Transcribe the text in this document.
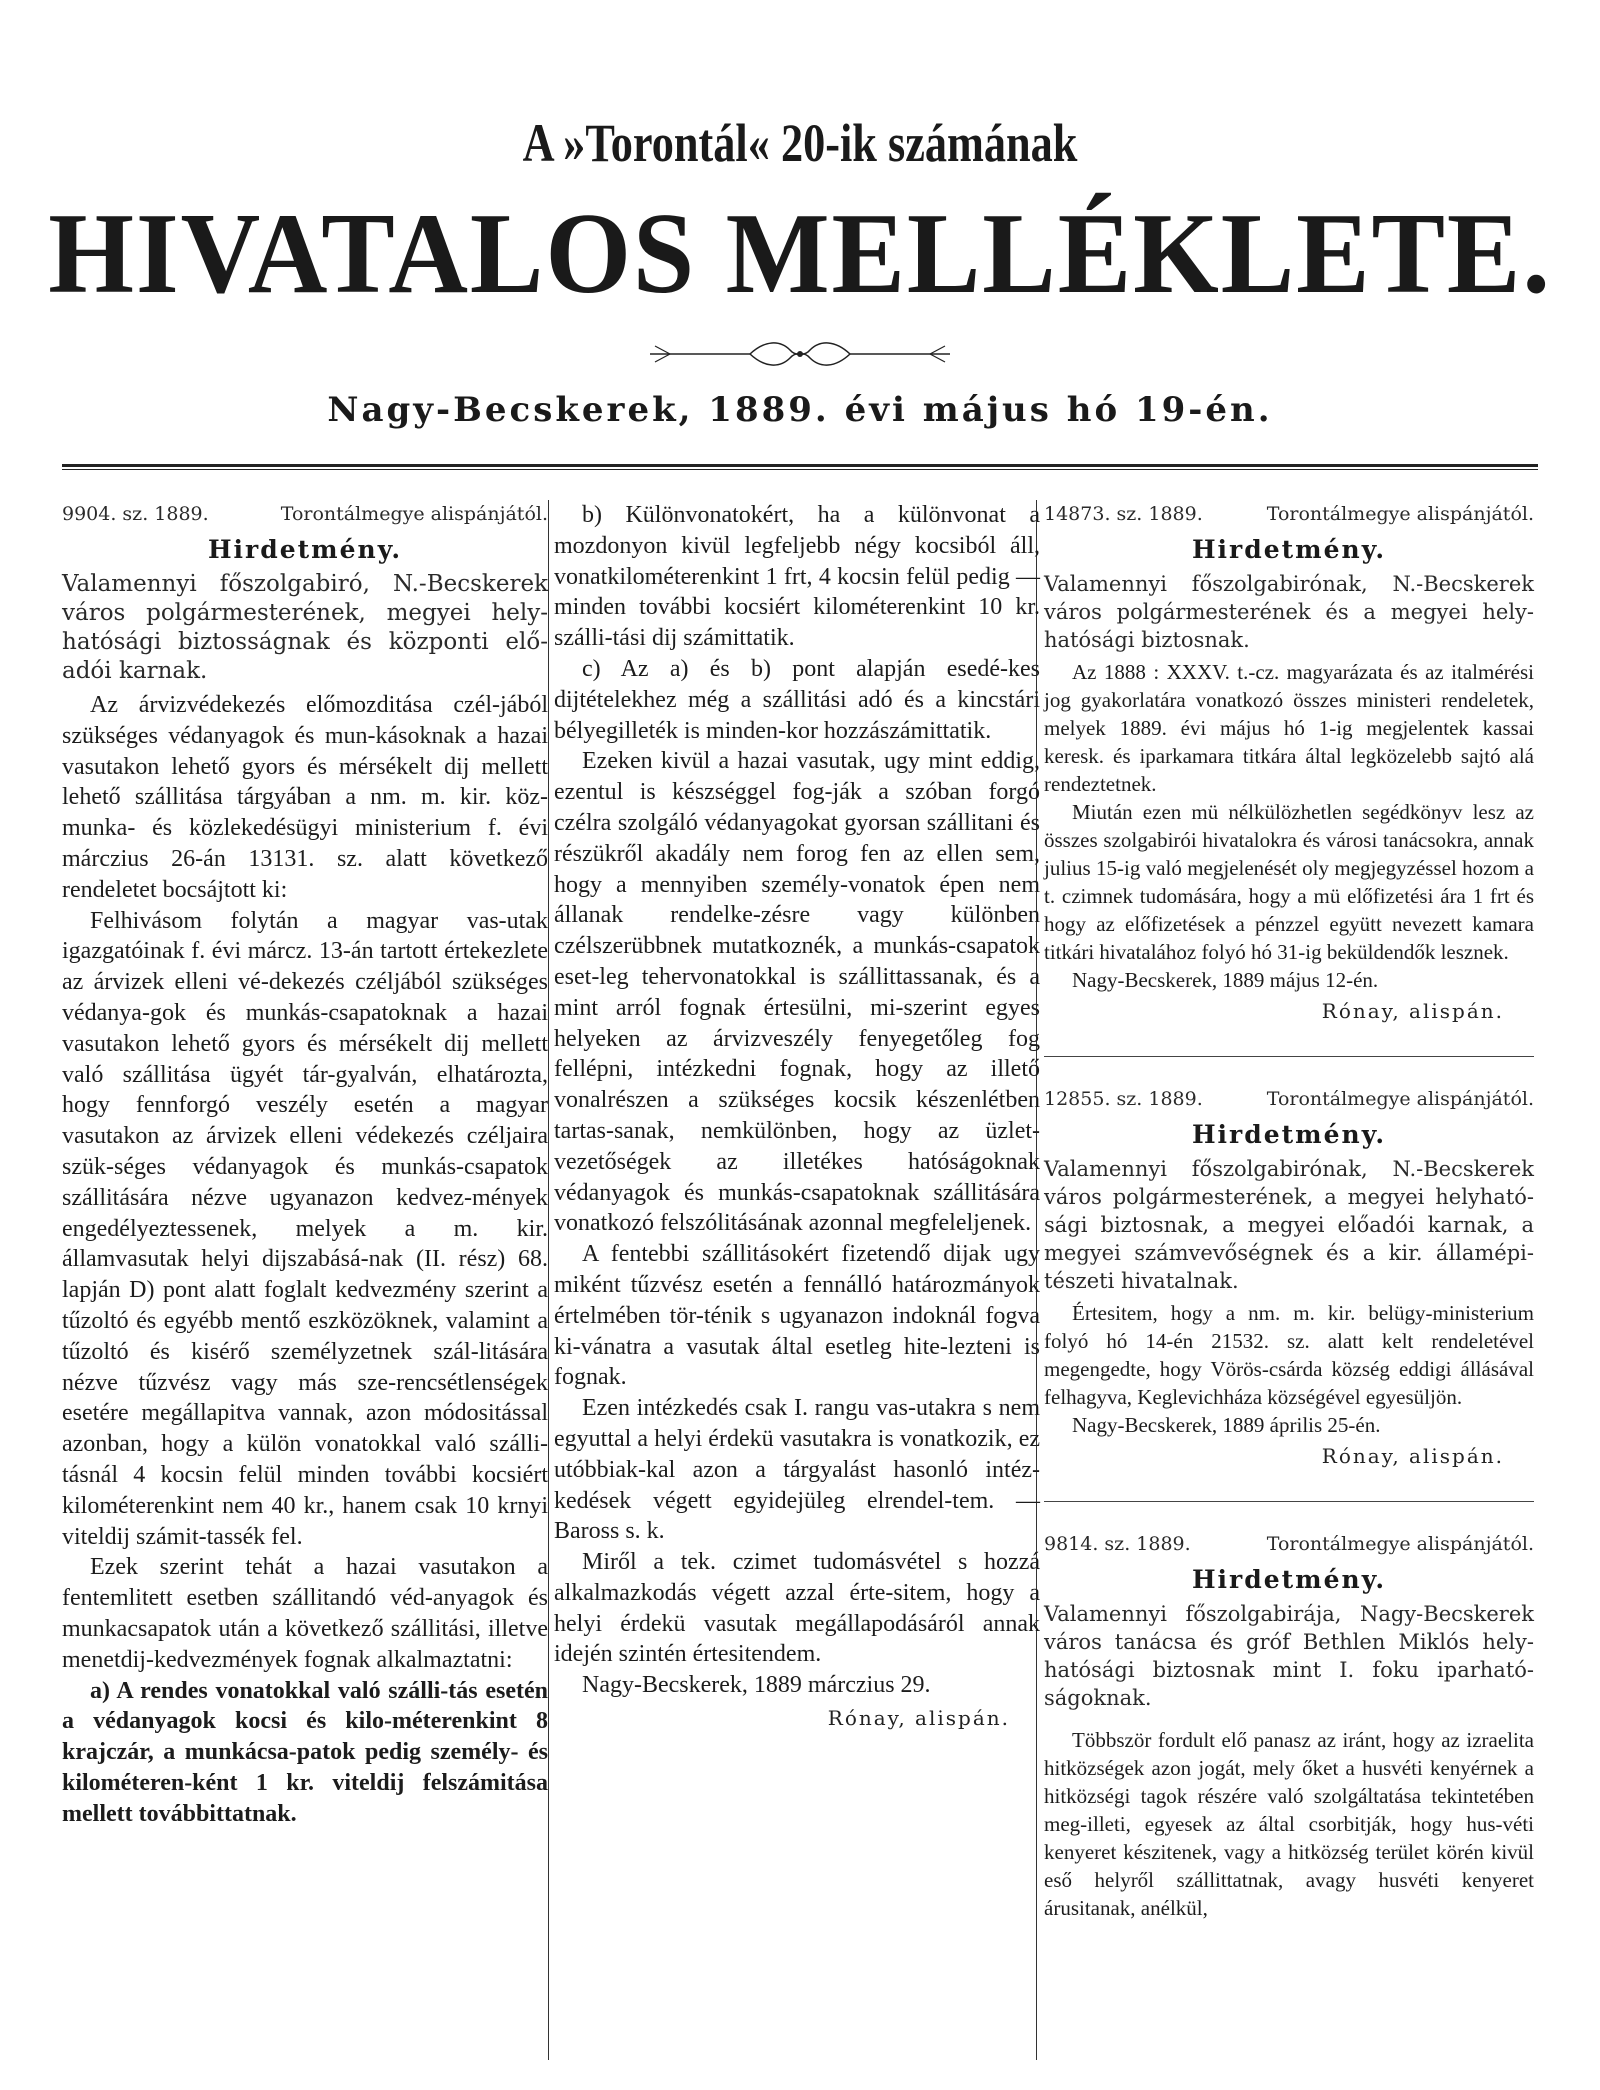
A »Torontál« 20-ik számának
HIVATALOS MELLÉKLETE.
Nagy-Becskerek, 1889. évi május hó 19-én.
9904. sz. 1889.	Torontálmegye alispánjától.
Hirdetmény.
Valamennyi főszolgabiró, N.-Becskerek város polgármesterének, megyei hely-hatósági biztosságnak és központi elő-adói karnak.

Az árvizvédekezés előmozditása czél-jából szükséges védanyagok és mun-kásoknak a hazai vasutakon lehető gyors és mérsékelt dij mellett lehető szállitása tárgyában a nm. m. kir. köz-munka- és közlekedésügyi ministerium f. évi márczius 26-án 13131. sz. alatt következő rendeletet bocsájtott ki:

Felhivásom folytán a magyar vas-utak igazgatóinak f. évi márcz. 13-án tartott értekezlete az árvizek elleni vé-dekezés czéljából szükséges védanya-gok és munkás-csapatoknak a hazai vasutakon lehető gyors és mérsékelt dij mellett való szállitása ügyét tár-gyalván, elhatározta, hogy fennforgó veszély esetén a magyar vasutakon az árvizek elleni védekezés czéljaira szük-séges védanyagok és munkás-csapatok szállitására nézve ugyanazon kedvez-mények engedélyeztessenek, melyek a m. kir. államvasutak helyi dijszabásá-nak (II. rész) 68. lapján D) pont alatt foglalt kedvezmény szerint a tűzoltó és egyébb mentő eszközöknek, valamint a tűzoltó és kisérő személyzetnek szál-litására nézve tűzvész vagy más sze-rencsétlenségek esetére megállapitva vannak, azon módositással azonban, hogy a külön vonatokkal való szálli-tásnál 4 kocsin felül minden további kocsiért kilométerenkint nem 40 kr., hanem csak 10 krnyi viteldij számit-tassék fel.

Ezek szerint tehát a hazai vasutakon a fentemlitett esetben szállitandó véd-anyagok és munkacsapatok után a következő szállitási, illetve menetdij-kedvezmények fognak alkalmaztatni:

a) A rendes vonatokkal való szálli-tás esetén a védanyagok kocsi és kilo-méterenkint 8 krajczár, a munkácsa-patok pedig személy- és kilométeren-ként 1 kr. viteldij felszámitása mellett továbbittatnak.

b) Különvonatokért, ha a különvonat a mozdonyon kivül legfeljebb négy kocsiból áll, vonatkilométerenkint 1 frt, 4 kocsin felül pedig — minden további kocsiért kilométerenkint 10 kr. szálli-tási dij számittatik.

c) Az a) és b) pont alapján esedé-kes dijtételekhez még a szállitási adó és a kincstári bélyegilleték is minden-kor hozzászámittatik.

Ezeken kivül a hazai vasutak, ugy mint eddig, ezentul is készséggel fog-ják a szóban forgó czélra szolgáló védanyagokat gyorsan szállitani és részükről akadály nem forog fen az ellen sem, hogy a mennyiben személy-vonatok épen nem állanak rendelke-zésre vagy különben czélszerübbnek mutatkoznék, a munkás-csapatok eset-leg tehervonatokkal is szállittassanak, és a mint arról fognak értesülni, mi-szerint egyes helyeken az árvizveszély fenyegetőleg fog fellépni, intézkedni fognak, hogy az illető vonalrészen a szükséges kocsik készenlétben tartas-sanak, nemkülönben, hogy az üzlet-vezetőségek az illetékes hatóságoknak védanyagok és munkás-csapatoknak szállitására vonatkozó felszólitásának azonnal megfeleljenek.

A fentebbi szállitásokért fizetendő dijak ugy miként tűzvész esetén a fennálló határozmányok értelmében tör-ténik s ugyanazon indoknál fogva ki-vánatra a vasutak által esetleg hite-lezteni is fognak.

Ezen intézkedés csak I. rangu vas-utakra s nem egyuttal a helyi érdekü vasutakra is vonatkozik, ez utóbbiak-kal azon a tárgyalást hasonló intéz-kedések végett egyidejüleg elrendel-tem. — Baross s. k.

Miről a tek. czimet tudomásvétel s hozzá alkalmazkodás végett azzal érte-sitem, hogy a helyi érdekü vasutak megállapodásáról annak idején szintén értesitendem.

Nagy-Becskerek, 1889 márczius 29.

Rónay, alispán.
14873. sz. 1889.	Torontálmegye alispánjától.
Hirdetmény.
Valamennyi főszolgabirónak, N.-Becskerek város polgármesterének és a megyei hely-hatósági biztosnak.

Az 1888 : XXXV. t.-cz. magyarázata és az italmérési jog gyakorlatára vonatkozó összes ministeri rendeletek, melyek 1889. évi május hó 1-ig megjelentek kassai keresk. és iparkamara titkára által legközelebb sajtó alá rendeztetnek.

Miután ezen mü nélkülözhetlen segédkönyv lesz az összes szolgabirói hivatalokra és városi tanácsokra, annak julius 15-ig való megjelenését oly megjegyzéssel hozom a t. czimnek tudomására, hogy a mü előfizetési ára 1 frt és hogy az előfizetések a pénzzel együtt nevezett kamara titkári hivatalához folyó hó 31-ig beküldendők lesznek.

Nagy-Becskerek, 1889 május 12-én.

Rónay, alispán.
12855. sz. 1889.	Torontálmegye alispánjától.
Hirdetmény.
Valamennyi főszolgabirónak, N.-Becskerek város polgármesterének, a megyei helyható-sági biztosnak, a megyei előadói karnak, a megyei számvevőségnek és a kir. államépi-tészeti hivatalnak.

Értesitem, hogy a nm. m. kir. belügy-ministerium folyó hó 14-én 21532. sz. alatt kelt rendeletével megengedte, hogy Vörös-csárda község eddigi állásával felhagyva, Keglevichháza községével egyesüljön.

Nagy-Becskerek, 1889 április 25-én.

Rónay, alispán.
9814. sz. 1889.	Torontálmegye alispánjától.
Hirdetmény.
Valamennyi főszolgabirája, Nagy-Becskerek város tanácsa és gróf Bethlen Miklós hely-hatósági biztosnak mint I. foku iparható-ságoknak.

Többször fordult elő panasz az iránt, hogy az izraelita hitközségek azon jogát, mely őket a husvéti kenyérnek a hitközségi tagok részére való szolgáltatása tekintetében meg-illeti, egyesek az által csorbitják, hogy hus-véti kenyeret készitenek, vagy a hitközség terület körén kivül eső helyről szállittatnak, avagy husvéti kenyeret árusitanak, anélkül,
